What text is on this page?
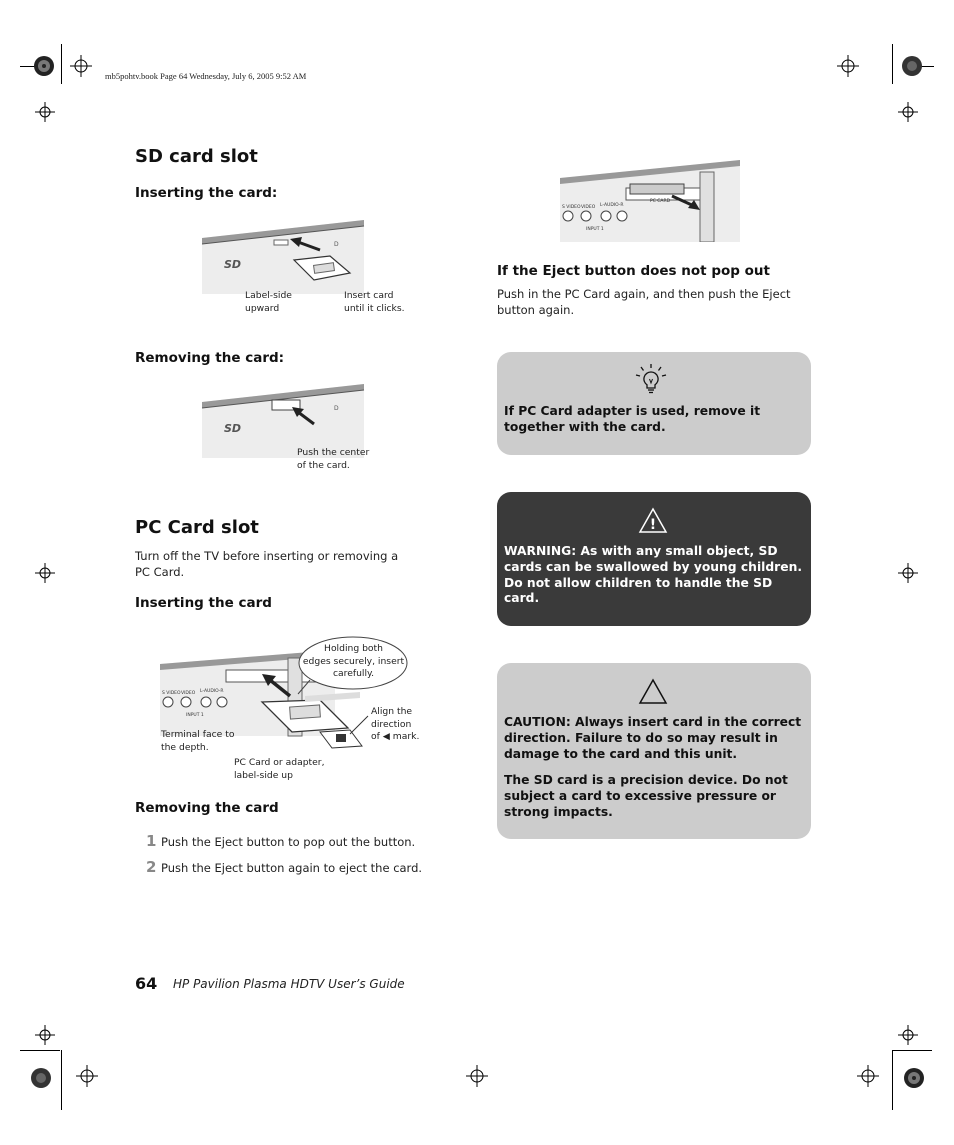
mb5pohtv.book Page 64 Wednesday, July 6, 2005 9:52 AM
SD card slot
Inserting the card:
D
SD
Label-side
upward
Insert card
until it clicks.
Removing the card:
D
SD
Push the center
of the card.
PC Card slot

Turn off the TV before inserting or removing a PC Card.

Inserting the card
S VIDEO VIDEO L-AUDIO-R
INPUT 1
Holding both
edges securely, insert
carefully.
Terminal face to
the depth.
Align the
direction
of ◀ mark.
PC Card or adapter,
label-side up
Removing the card
1 Push the Eject button to pop out the button.

2 Push the Eject button again to eject the card.

S VIDEO VIDEO L-AUDIO-R
INPUT 1
PC CARD
If the Eject button does not pop out

Push in the PC Card again, and then push the Eject button again.

If PC Card adapter is used, remove it together with the card.

!

WARNING: As with any small object, SD cards can be swallowed by young children. Do not allow children to handle the SD card.

CAUTION: Always insert card in the correct direction. Failure to do so may result in damage to the card and this unit.

The SD card is a precision device. Do not subject a card to excessive pressure or strong impacts.

64 HP Pavilion Plasma HDTV User’s Guide
